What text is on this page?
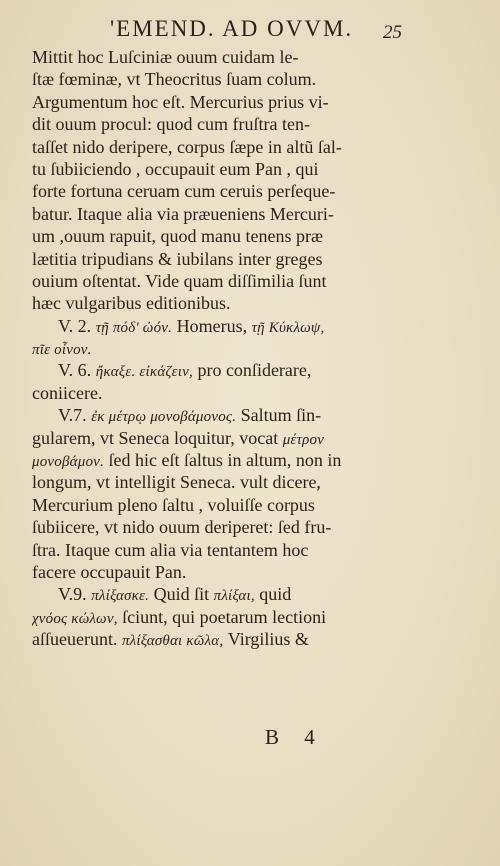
'EMEND. AD OVVM. 25
Mittit hoc Luſciniæ ouum cuidam le-
ſtæ fœminæ, vt Theocritus ſuam colum.
Argumentum hoc eſt. Mercurius prius vi-
dit ouum procul: quod cum fruſtra ten-
taſſet nido deripere, corpus ſæpe in altũ ſal-
tu ſubiiciendo , occupauit eum Pan , qui
forte fortuna ceruam cum ceruis perſeque-
batur. Itaque alia via præueniens Mercuri-
um ,ouum rapuit, quod manu tenens præ
lætitia tripudians & iubilans inter greges
ouium oſtentat. Vide quam diſſimilia ſunt
hæc vulgaribus editionibus.
V. 2. τῇ πόδ' ὠόν. Homerus, τῇ Κύκλωψ,
πῖε οἶνον.
V. 6. ἤκαξε. εἰκάζειν, pro conſiderare,
coniicere.
V.7. ἐκ μέτρῳ μονοβάμονος. Saltum ſin-
gularem, vt Seneca loquitur, vocat μέτρον
μονοβάμον. ſed hic eſt ſaltus in altum, non in
longum, vt intelligit Seneca. vult dicere,
Mercurium pleno ſaltu , voluiſſe corpus
ſubiicere, vt nido ouum deriperet: ſed fru-
ſtra. Itaque cum alia via tentantem hoc
facere occupauit Pan.
V.9. πλίξασκε. Quid ſit πλίξαι, quid
χνόος κώλων, ſciunt, qui poetarum lectioni
aſſueuerunt. πλίξασθαι κῶλα, Virgilius &
B 4
